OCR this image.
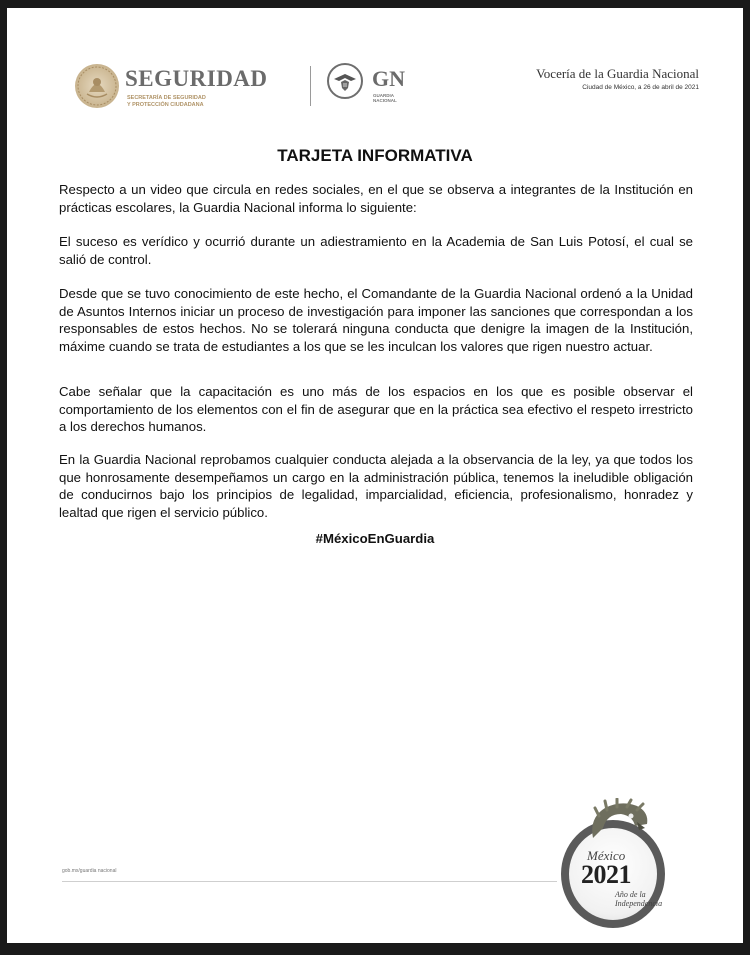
SEGURIDAD
SECRETARÍA DE SEGURIDAD
Y PROTECCIÓN CIUDADANA
GN
GUARDIA
NACIONAL
Vocería de la Guardia Nacional
Ciudad de México, a 26 de abril de 2021
TARJETA INFORMATIVA

Respecto a un video que circula en redes sociales, en el que se observa a integrantes de la Institución en prácticas escolares, la Guardia Nacional informa lo siguiente:

El suceso es verídico y ocurrió durante un adiestramiento en la Academia de San Luis Potosí, el cual se salió de control.

Desde que se tuvo conocimiento de este hecho, el Comandante de la Guardia Nacional ordenó a la Unidad de Asuntos Internos iniciar un proceso de investigación para imponer las sanciones que correspondan a los responsables de estos hechos. No se tolerará ninguna conducta que denigre la imagen de la Institución, máxime cuando se trata de estudiantes a los que se les inculcan los valores que rigen nuestro actuar.

Cabe señalar que la capacitación es uno más de los espacios en los que es posible observar el comportamiento de los elementos con el fin de asegurar que en la práctica sea efectivo el respeto irrestricto a los derechos humanos.

En la Guardia Nacional reprobamos cualquier conducta alejada a la observancia de la ley, ya que todos los que honrosamente desempeñamos un cargo en la administración pública, tenemos la ineludible obligación de conducirnos bajo los principios de legalidad, imparcialidad, eficiencia, profesionalismo, honradez y lealtad que rigen el servicio público.

#MéxicoEnGuardia
gob.mx/guardia nacional
México
2021
Año de la
Independencia
